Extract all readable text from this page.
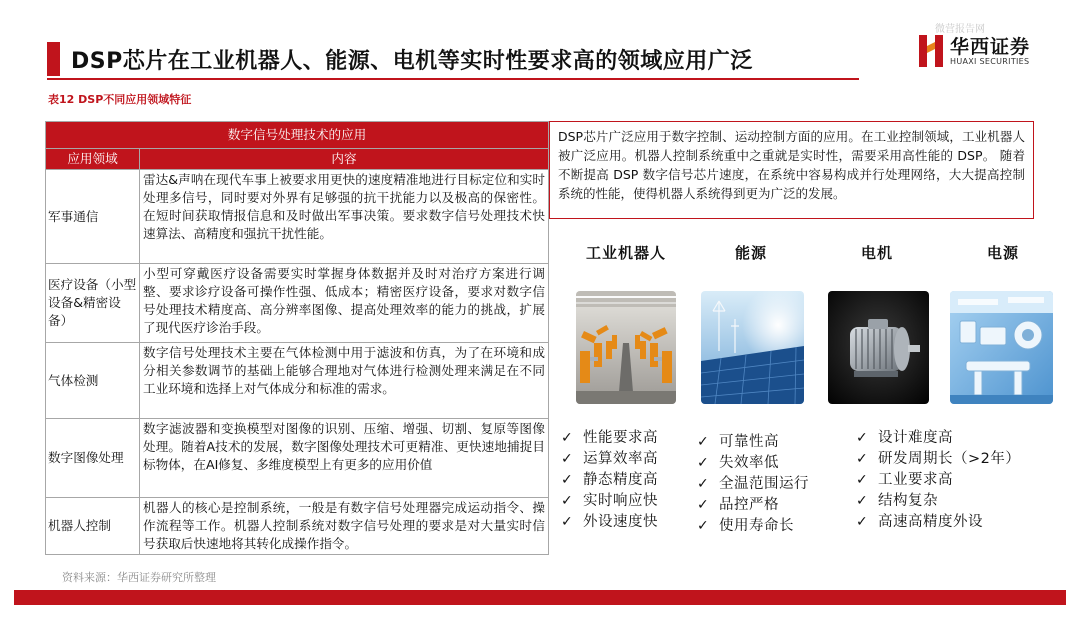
微营报告网
DSP芯片在工业机器人、能源、电机等实时性要求高的领域应用广泛
华西证券
HUAXI SECURITIES
表12 DSP不同应用领域特征
数字信号处理技术的应用	
应用领域	内容
军事通信	雷达&声呐在现代车事上被要求用更快的速度精准地进行目标定位和实时处理多信号，同时要对外界有足够强的抗干扰能力以及极高的保密性。在短时间获取情报信息和及时做出军事决策。要求数字信号处理技术快速算法、高精度和强抗干扰性能。
医疗设备（小型设备&精密设备）	小型可穿戴医疗设备需要实时掌握身体数据并及时对治疗方案进行调整、要求诊疗设备可操作性强、低成本；精密医疗设备，要求对数字信号处理技术精度高、高分辨率图像、提高处理效率的能力的挑战，扩展了现代医疗诊治手段。
气体检测	数字信号处理技术主要在气体检测中用于滤波和仿真，为了在环境和成分相关参数调节的基础上能够合理地对气体进行检测处理来满足在不同工业环境和选择上对气体成分和标准的需求。
数字图像处理	数字滤波器和变换模型对图像的识别、压缩、增强、切割、复原等图像处理。随着A技术的发展，数字图像处理技术可更精准、更快速地捕捉目标物体，在AI修复、多维度模型上有更多的应用价值
机器人控制	机器人的核心是控制系统，一般是有数字信号处理器完成运动指令、操作流程等工作。机器人控制系统对数字信号处理的要求是对大量实时信号获取后快速地将其转化成操作指令。
资料来源：华西证券研究所整理
DSP芯片广泛应用于数字控制、运动控制方面的应用。在工业控制领域，工业机器人被广泛应用。机器人控制系统重中之重就是实时性，需要采用高性能的 DSP。 随着不断提高 DSP 数字信号芯片速度，在系统中容易构成并行处理网络，大大提高控制系统的性能，使得机器人系统得到更为广泛的发展。
工业机器人	能源	电机	电源
✓ 性能要求高
✓ 运算效率高
✓ 静态精度高
✓ 实时响应快
✓ 外设速度快
✓ 可靠性高
✓ 失效率低
✓ 全温范围运行
✓ 品控严格
✓ 使用寿命长
✓ 设计难度高
✓ 研发周期长（>2年）
✓ 工业要求高
✓ 结构复杂
✓ 高速高精度外设
